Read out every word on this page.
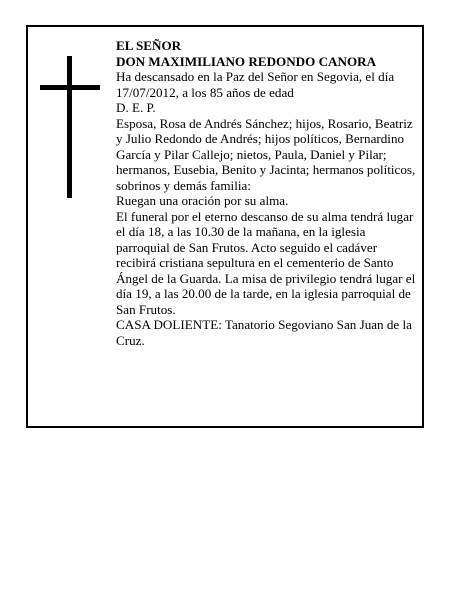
EL SEÑOR

DON MAXIMILIANO REDONDO CANORA

Ha descansado en la Paz del Señor en Segovia, el día 17/07/2012, a los 85 años de edad

D. E. P.

Esposa, Rosa de Andrés Sánchez; hijos, Rosario, Beatriz y Julio Redondo de Andrés; hijos políticos, Bernardino García y Pilar Callejo; nietos, Paula, Daniel y Pilar; hermanos, Eusebia, Benito y Jacinta; hermanos políticos, sobrinos y demás familia:

Ruegan una oración por su alma.

El funeral por el eterno descanso de su alma tendrá lugar el día 18, a las 10.30 de la mañana, en la iglesia parroquial de San Frutos. Acto seguido el cadáver recibirá cristiana sepultura en el cementerio de Santo Ángel de la Guarda. La misa de privilegio tendrá lugar el día 19, a las 20.00 de la tarde, en la iglesia parroquial de San Frutos.

CASA DOLIENTE: Tanatorio Segoviano San Juan de la Cruz.
